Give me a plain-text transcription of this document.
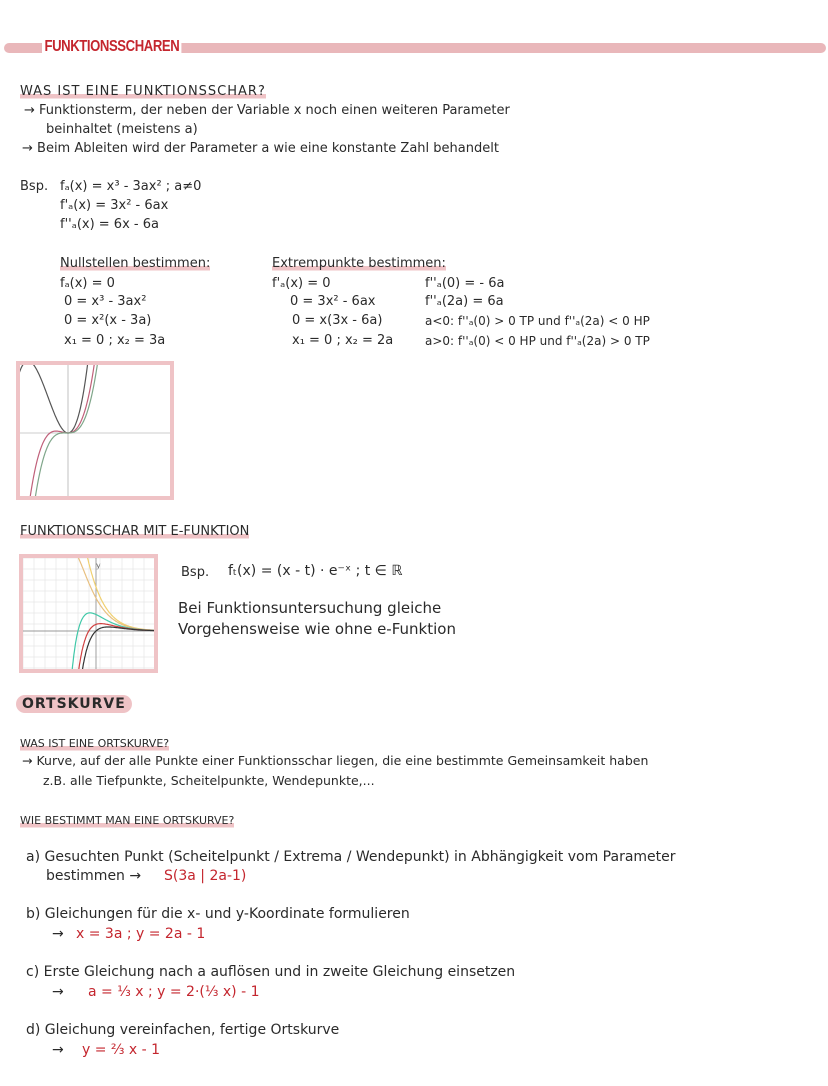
FUNKTIONSSCHAREN
WAS IST EINE FUNKTIONSSCHAR?
→ Funktionsterm, der neben der Variable x noch einen weiteren Parameter
beinhaltet (meistens a)
→ Beim Ableiten wird der Parameter a wie eine konstante Zahl behandelt
Bsp. fₐ(x) = x³ - 3ax² ; a≠0
f'ₐ(x) = 3x² - 6ax
f''ₐ(x) = 6x - 6a
Nullstellen bestimmen:
fₐ(x) = 0
0 = x³ - 3ax²
0 = x²(x - 3a)
x₁ = 0 ; x₂ = 3a
Extrempunkte bestimmen:
f'ₐ(x) = 0
0 = 3x² - 6ax
0 = x(3x - 6a)
x₁ = 0 ; x₂ = 2a
f''ₐ(0) = - 6a
f''ₐ(2a) = 6a
a<0: f''ₐ(0) > 0 TP und f''ₐ(2a) < 0 HP
a>0: f''ₐ(0) < 0 HP und f''ₐ(2a) > 0 TP
FUNKTIONSSCHAR MIT E-FUNKTION
y	Bsp. fₜ(x) = (x - t) · e⁻ˣ ; t ∈ ℝ
Bei Funktionsuntersuchung gleiche
Vorgehensweise wie ohne e-Funktion
ORTSKURVE
WAS IST EINE ORTSKURVE?
→ Kurve, auf der alle Punkte einer Funktionsschar liegen, die eine bestimmte Gemeinsamkeit haben
z.B. alle Tiefpunkte, Scheitelpunkte, Wendepunkte,...
WIE BESTIMMT MAN EINE ORTSKURVE?
a) Gesuchten Punkt (Scheitelpunkt / Extrema / Wendepunkt) in Abhängigkeit vom Parameter
bestimmen → S(3a | 2a-1)
b) Gleichungen für die x- und y-Koordinate formulieren
→ x = 3a ; y = 2a - 1
c) Erste Gleichung nach a auflösen und in zweite Gleichung einsetzen
→ a = ⅓ x ; y = 2·(⅓ x) - 1
d) Gleichung vereinfachen, fertige Ortskurve
→ y = ⅔ x - 1
